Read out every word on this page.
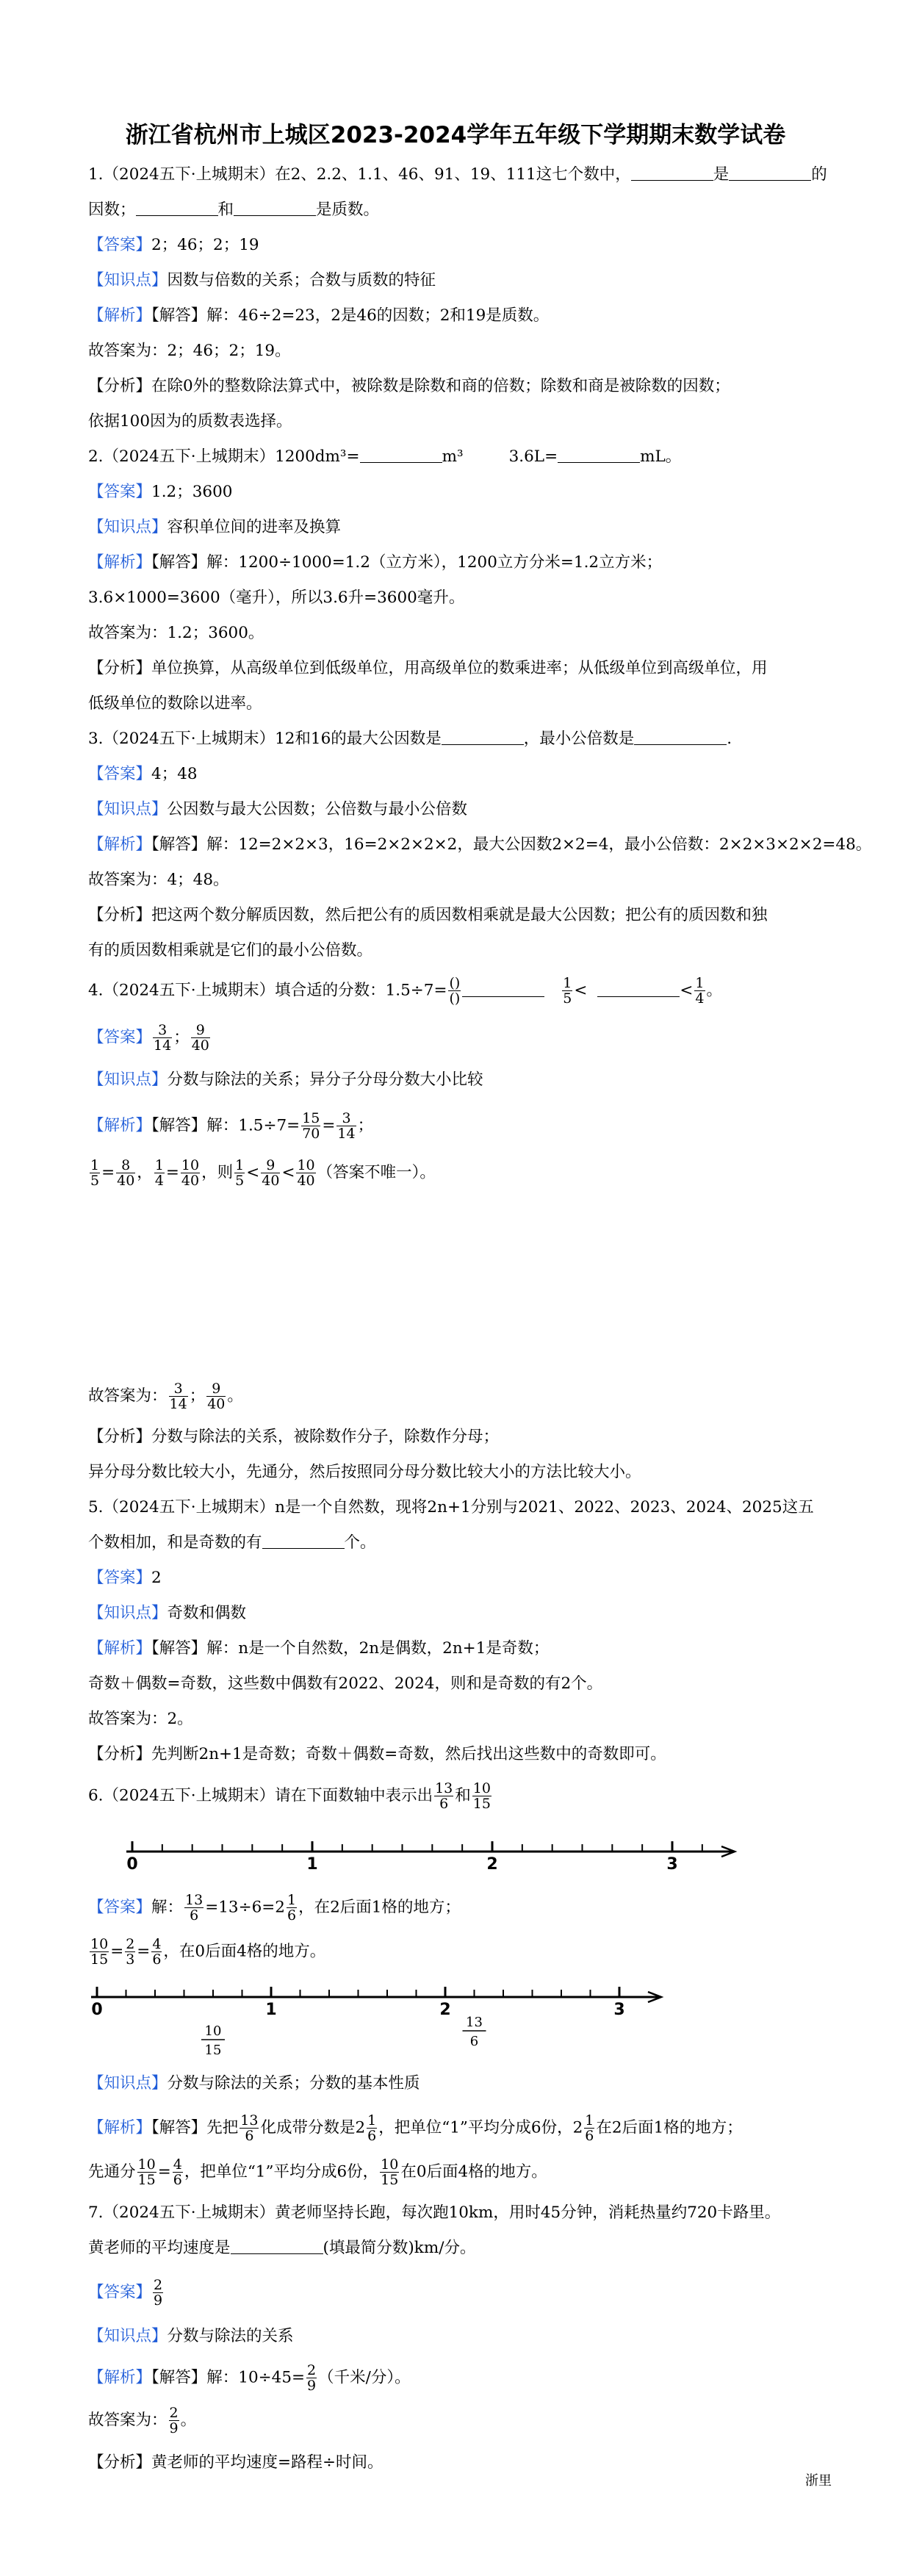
浙江省杭州市上城区2023-2024学年五年级下学期期末数学试卷
1.（2024五下·上城期末）在2、2.2、1.1、46、91、19、111这七个数中，	是	的
因数；	和	是质数。
【答案】2；46；2；19
【知识点】因数与倍数的关系；合数与质数的特征
【解析】【解答】解：46÷2=23，2是46的因数；2和19是质数。
故答案为：2；46；2；19。
【分析】在除0外的整数除法算式中，被除数是除数和商的倍数；除数和商是被除数的因数；
依据100因为的质数表选择。
2.（2024五下·上城期末）1200dm³=	m³	3.6L=	mL。
【答案】1.2；3600
【知识点】容积单位间的进率及换算
【解析】【解答】解：1200÷1000=1.2（立方米），1200立方分米=1.2立方米；
3.6×1000=3600（毫升），所以3.6升=3600毫升。
故答案为：1.2；3600。
【分析】单位换算，从高级单位到低级单位，用高级单位的数乘进率；从低级单位到高级单位，用
低级单位的数除以进率。
3.（2024五下·上城期末）12和16的最大公因数是	，最小公倍数是	.
【答案】4；48
【知识点】公因数与最大公因数；公倍数与最小公倍数
【解析】【解答】解：12=2×2×3，16=2×2×2×2，最大公因数2×2=4，最小公倍数：2×2×3×2×2=48。
故答案为：4；48。
【分析】把这两个数分解质因数，然后把公有的质因数相乘就是最大公因数；把公有的质因数和独
有的质因数相乘就是它们的最小公倍数。
4.（2024五下·上城期末）填合适的分数：$1.5\div 7= \frac{()}{()}$	$\frac{1}{5}$ <	< $\frac{1}{4}$ 。
【答案】 $\frac{3}{14}$ ； $\frac{9}{40}$
【知识点】分数与除法的关系；异分子分母分数大小比较
【解析】【解答】解：$1.5\div 7= \frac{15}{70} = \frac{3}{14}$ ；
$\frac{1}{5} = \frac{8}{40}$ ， $\frac{1}{4} = \frac{10}{40}$ ，则 $\frac{1}{5} < \frac{9}{40} < \frac{10}{40}$ （答案不唯一）。
故答案为： $\frac{3}{14}$ ； $\frac{9}{40}$ 。
【分析】分数与除法的关系，被除数作分子，除数作分母；
异分母分数比较大小，先通分，然后按照同分母分数比较大小的方法比较大小。
5.（2024五下·上城期末）n是一个自然数，现将2n+1分别与2021、2022、2023、2024、2025这五
个数相加，和是奇数的有	个。
【答案】2
【知识点】奇数和偶数
【解析】【解答】解：n是一个自然数，2n是偶数，2n+1是奇数；
奇数＋偶数=奇数，这些数中偶数有2022、2024，则和是奇数的有2个。
故答案为：2。
【分析】先判断2n+1是奇数；奇数＋偶数=奇数，然后找出这些数中的奇数即可。
6.（2024五下·上城期末）请在下面数轴中表示出 $\frac{13}{6}$ 和 $\frac{10}{15}$
0	1	2	3
0	1	2	3
10
15
13
6
【答案】解： $\frac{13}{6} =13\div 6=2 \frac{1}{6}$ ，在2后面1格的地方；
$\frac{10}{15} = \frac{2}{3} = \frac{4}{6}$ ，在0后面4格的地方。
【知识点】分数与除法的关系；分数的基本性质
【解析】【解答】先把 $\frac{13}{6}$ 化成带分数是$2 \frac{1}{6}$ ，把单位“1”平均分成6份，$2 \frac{1}{6}$ 在2后面1格的地方；
先通分 $\frac{10}{15} = \frac{4}{6}$ ，把单位“1”平均分成6份， $\frac{10}{15}$ 在0后面4格的地方。
7.（2024五下·上城期末）黄老师坚持长跑，每次跑10km，用时45分钟，消耗热量约720卡路里。
黄老师的平均速度是	(填最简分数)km/分。
【答案】 $\frac{2}{9}$
【知识点】分数与除法的关系
【解析】【解答】解：$10\div 45= \frac{2}{9}$ （千米/分）。
故答案为： $\frac{2}{9}$ 。
【分析】黄老师的平均速度=路程÷时间。
浙里
